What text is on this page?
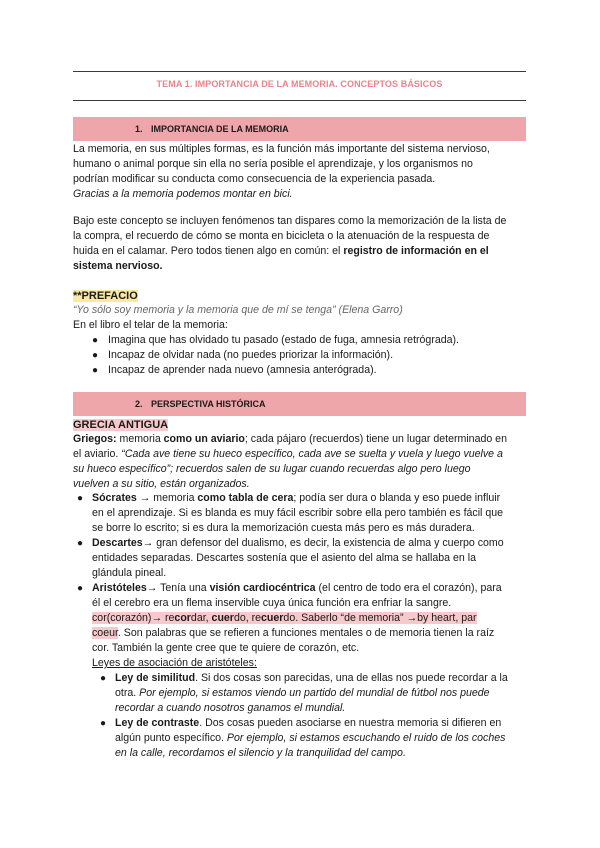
TEMA 1. IMPORTANCIA DE LA MEMORIA. CONCEPTOS BÁSICOS
1. IMPORTANCIA DE LA MEMORIA
La memoria, en sus múltiples formas, es la función más importante del sistema nervioso,
humano o animal porque sin ella no sería posible el aprendizaje, y los organismos no
podrían modificar su conducta como consecuencia de la experiencia pasada.
Gracias a la memoria podemos montar en bici.
Bajo este concepto se incluyen fenómenos tan dispares como la memorización de la lista de
la compra, el recuerdo de cómo se monta en bicicleta o la atenuación de la respuesta de
huida en el calamar. Pero todos tienen algo en común: el registro de información en el
sistema nervioso.
**PREFACIO
“Yo sólo soy memoria y la memoria que de mí se tenga” (Elena Garro)
En el libro el telar de la memoria:
● Imagina que has olvidado tu pasado (estado de fuga, amnesia retrógrada).
● Incapaz de olvidar nada (no puedes priorizar la información).
● Incapaz de aprender nada nuevo (amnesia anterógrada).
2. PERSPECTIVA HISTÓRICA
GRECIA ANTIGUA
Griegos: memoria como un aviario; cada pájaro (recuerdos) tiene un lugar determinado en
el aviario. “Cada ave tiene su hueco específico, cada ave se suelta y vuela y luego vuelve a
su hueco específico”; recuerdos salen de su lugar cuando recuerdas algo pero luego
vuelven a su sitio, están organizados.
● Sócrates → memoria como tabla de cera; podía ser dura o blanda y eso puede influir
en el aprendizaje. Si es blanda es muy fácil escribir sobre ella pero también es fácil que
se borre lo escrito; si es dura la memorización cuesta más pero es más duradera.
● Descartes→ gran defensor del dualismo, es decir, la existencia de alma y cuerpo como
entidades separadas. Descartes sostenía que el asiento del alma se hallaba en la
glándula pineal.
● Aristóteles→ Tenía una visión cardiocéntrica (el centro de todo era el corazón), para
él el cerebro era un flema inservible cuya única función era enfriar la sangre.
cor(corazón)→ recordar, cuerdo, recuerdo. Saberlo “de memoria” →by heart, par
coeur. Son palabras que se refieren a funciones mentales o de memoria tienen la raíz
cor. También la gente cree que te quiere de corazón, etc.
Leyes de asociación de aristóteles:
● Ley de similitud. Si dos cosas son parecidas, una de ellas nos puede recordar a la
otra. Por ejemplo, si estamos viendo un partido del mundial de fútbol nos puede
recordar a cuando nosotros ganamos el mundial.
● Ley de contraste. Dos cosas pueden asociarse en nuestra memoria si difieren en
algún punto específico. Por ejemplo, si estamos escuchando el ruido de los coches
en la calle, recordamos el silencio y la tranquilidad del campo.
